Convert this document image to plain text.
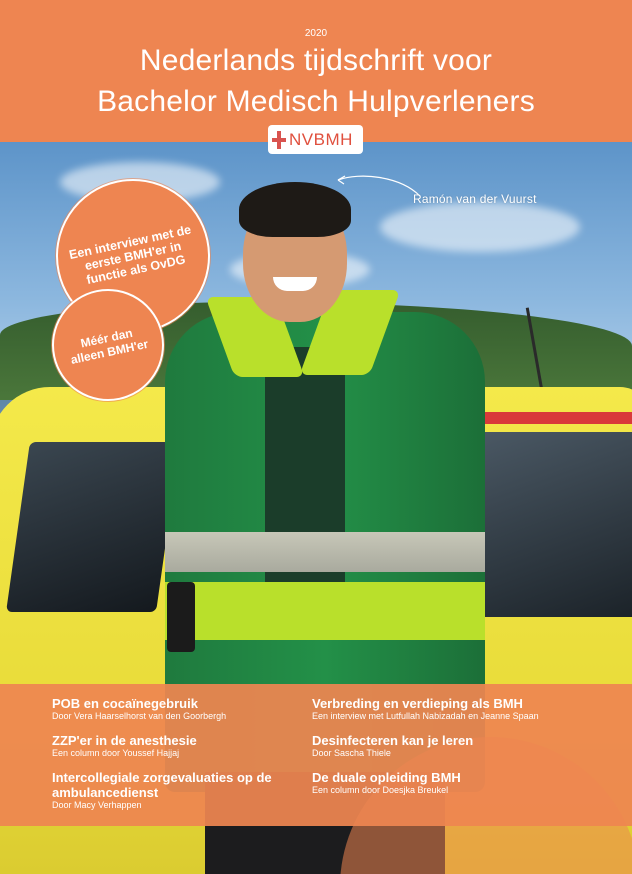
2020
Nederlands tijdschrift voor
Bachelor Medisch Hulpverleners
NVBMH
Ramón van der Vuurst
Een interview met de eerste BMH'er in functie als OvDG
Méér dan alleen BMH'er
POB en cocaïnegebruik
Door Vera Haarselhorst van den Goorbergh
ZZP'er in de anesthesie
Een column door Youssef Hajjaj
Intercollegiale zorgevaluaties op de ambulancedienst
Door Macy Verhappen
Verbreding en verdieping als BMH
Een interview met Lutfullah Nabizadah en Jeanne Spaan
Desinfecteren kan je leren
Door Sascha Thiele
De duale opleiding BMH
Een column door Doesjka Breukel
